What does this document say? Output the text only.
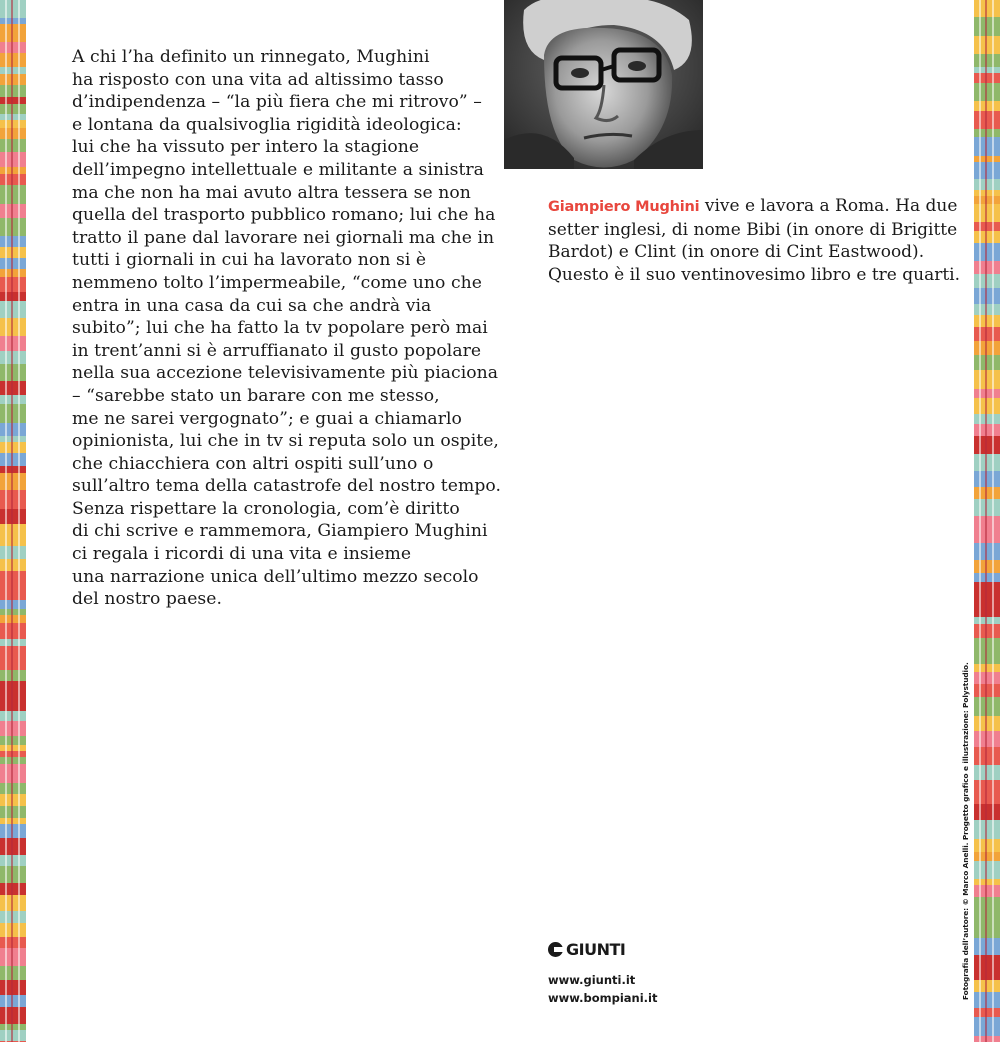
A chi l’ha definito un rinnegato, Mughini
ha risposto con una vita ad altissimo tasso
d’indipendenza – “la più fiera che mi ritrovo” –
e lontana da qualsivoglia rigidità ideologica:
lui che ha vissuto per intero la stagione
dell’impegno intellettuale e militante a sinistra
ma che non ha mai avuto altra tessera se non
quella del trasporto pubblico romano; lui che ha
tratto il pane dal lavorare nei giornali ma che in
tutti i giornali in cui ha lavorato non si è
nemmeno tolto l’impermeabile, “come uno che
entra in una casa da cui sa che andrà via
subito”; lui che ha fatto la tv popolare però mai
in trent’anni si è arruffianato il gusto popolare
nella sua accezione televisivamente più piaciona
– “sarebbe stato un barare con me stesso,
me ne sarei vergognato”; e guai a chiamarlo
opinionista, lui che in tv si reputa solo un ospite,
che chiacchiera con altri ospiti sull’uno o
sull’altro tema della catastrofe del nostro tempo.
Senza rispettare la cronologia, com’è diritto
di chi scrive e rammemora, Giampiero Mughini
ci regala i ricordi di una vita e insieme
una narrazione unica dell’ultimo mezzo secolo
del nostro paese.
Giampiero Mughini vive e lavora a Roma. Ha due
setter inglesi, di nome Bibi (in onore di Brigitte
Bardot) e Clint (in onore di Cint Eastwood).
Questo è il suo ventinovesimo libro e tre quarti.
GIUNTI
www.giunti.it
www.bompiani.it	Fotografia dell’autore: © Marco Anelli. Progetto grafico e illustrazione: Polystudio.
